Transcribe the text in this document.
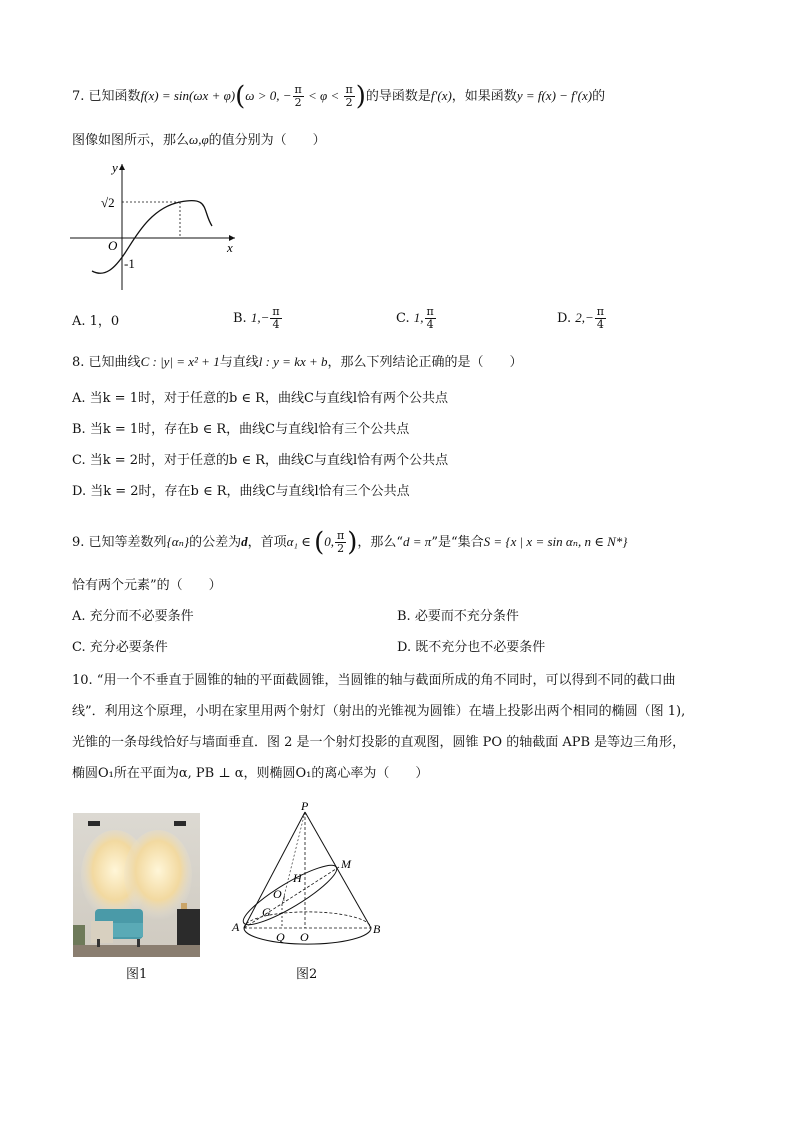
7. 已知函数f(x) = sin(ωx + φ)(ω > 0, − $\frac{\pi}{2} < \varphi < \frac{\pi}{2}$ )的导函数是f′(x)，如果函数y = f(x) − f′(x)的
图像如图所示，那么ω,φ的值分别为（　　）
y
x
O
√2
-1
A. 1，0	B. $1,- \frac{\pi}{4}$	C. 1, $\frac{\pi}{4}$	D. $2,- \frac{\pi}{4}$
8. 已知曲线C : |y| = x² + 1与直线l : y = kx + b，那么下列结论正确的是（　　）
A. 当k = 1时，对于任意的b ∈ R，曲线C与直线l恰有两个公共点
B. 当k = 1时，存在b ∈ R，曲线C与直线l恰有三个公共点
C. 当k = 2时，对于任意的b ∈ R，曲线C与直线l恰有两个公共点
D. 当k = 2时，存在b ∈ R，曲线C与直线l恰有三个公共点
9. 已知等差数列{αₙ}的公差为d，首项α₁ ∈ (0, $\frac{\pi}{2}$ )，那么“d = π”是“集合S = {x | x = sin αₙ, n ∈ N*}
恰有两个元素”的（　　）
A. 充分而不必要条件	B. 必要而不充分条件
C. 充分必要条件	D. 既不充分也不必要条件
10. “用一个不垂直于圆锥的轴的平面截圆锥，当圆锥的轴与截面所成的角不同时，可以得到不同的截口曲
线”．利用这个原理，小明在家里用两个射灯（射出的光锥视为圆锥）在墙上投影出两个相同的椭圆（图 1),
光锥的一条母线恰好与墙面垂直．图 2 是一个射灯投影的直观图，圆锥 PO 的轴截面 APB 是等边三角形，
椭圆O₁所在平面为α, PB ⊥ α，则椭圆O₁的离心率为（　　）
图1
P
M
H
O₁
G
A
Q O
B
图2
